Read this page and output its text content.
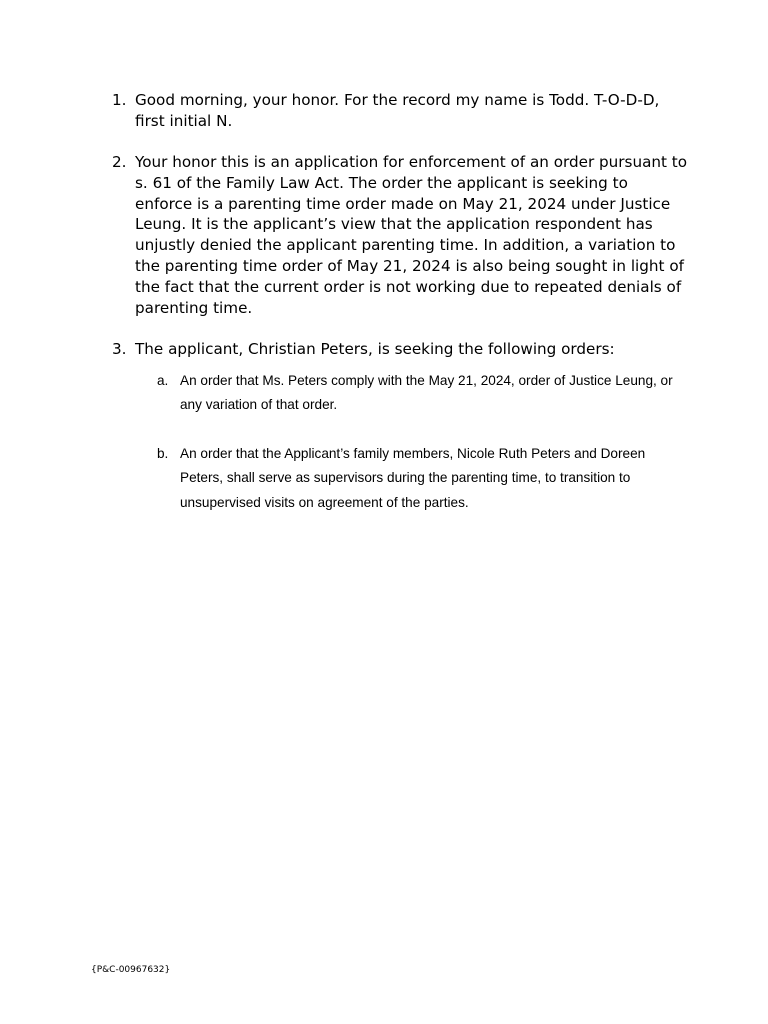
1. Good morning, your honor. For the record my name is Todd. T-O-D-D, first initial N.
2. Your honor this is an application for enforcement of an order pursuant to s. 61 of the Family Law Act. The order the applicant is seeking to enforce is a parenting time order made on May 21, 2024 under Justice Leung. It is the applicant’s view that the application respondent has unjustly denied the applicant parenting time. In addition, a variation to the parenting time order of May 21, 2024 is also being sought in light of the fact that the current order is not working due to repeated denials of parenting time.
3. The applicant, Christian Peters, is seeking the following orders:
a. An order that Ms. Peters comply with the May 21, 2024, order of Justice Leung, or any variation of that order.
b. An order that the Applicant’s family members, Nicole Ruth Peters and Doreen Peters, shall serve as supervisors during the parenting time, to transition to unsupervised visits on agreement of the parties.
{P&C-00967632}
